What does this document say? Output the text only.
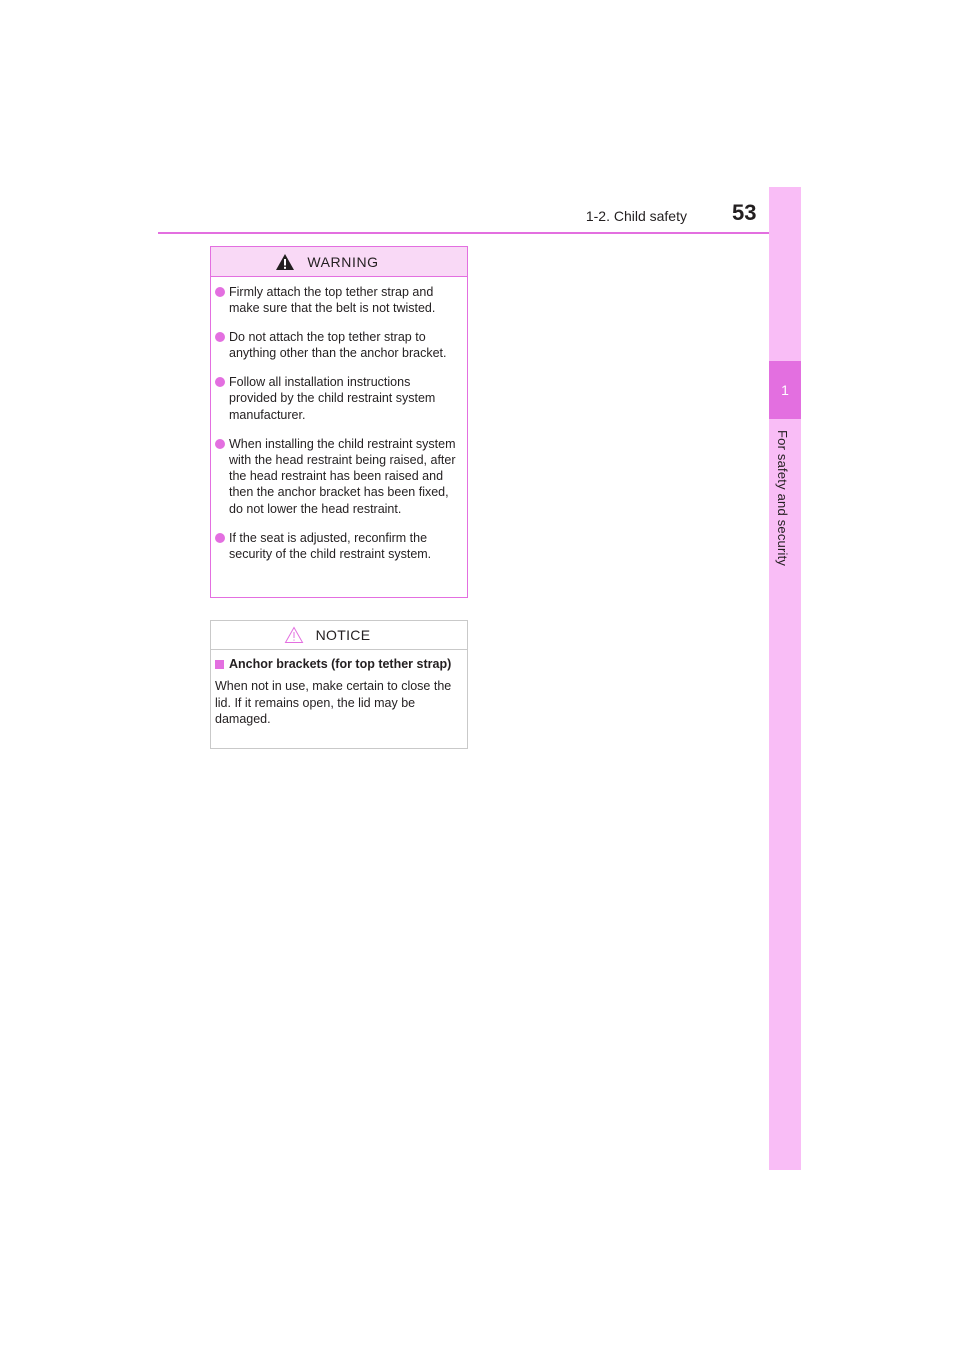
1-2. Child safety 53
1
For safety and security
WARNING
Firmly attach the top tether strap and make sure that the belt is not twisted.
Do not attach the top tether strap to anything other than the anchor bracket.
Follow all installation instructions provided by the child restraint system manufacturer.
When installing the child restraint system with the head restraint being raised, after the head restraint has been raised and then the anchor bracket has been fixed, do not lower the head restraint.
If the seat is adjusted, reconfirm the security of the child restraint system.
NOTICE
Anchor brackets (for top tether strap)
When not in use, make certain to close the lid. If it remains open, the lid may be damaged.
